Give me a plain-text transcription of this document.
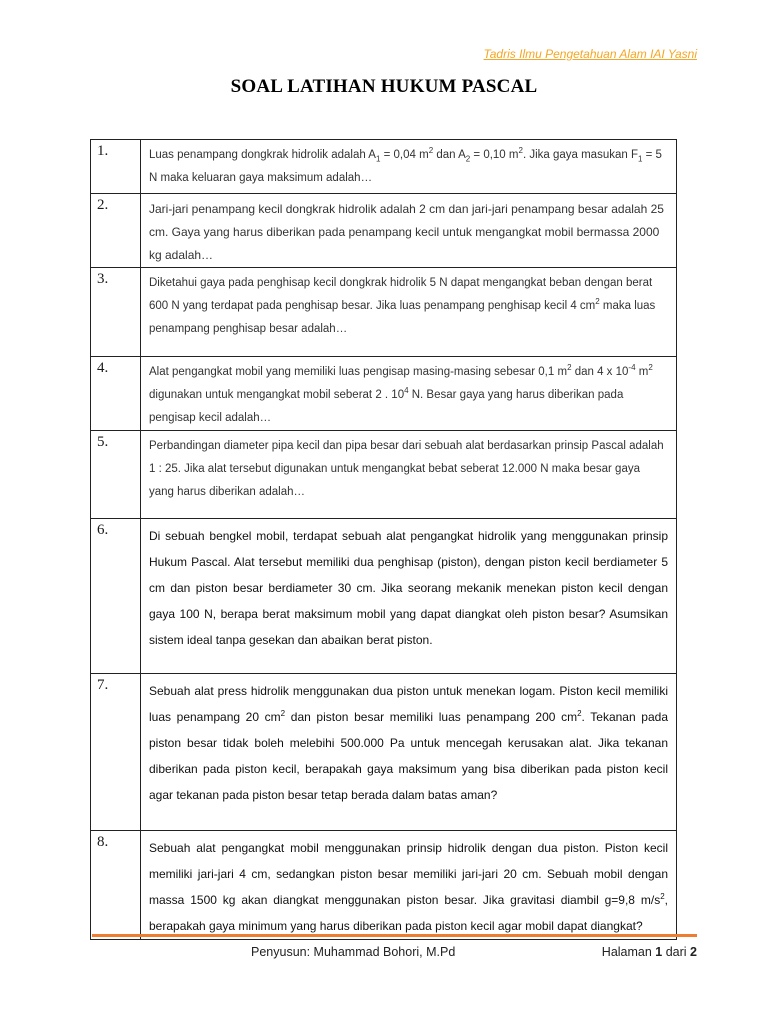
Tadris Ilmu Pengetahuan Alam IAI Yasni
SOAL LATIHAN HUKUM PASCAL
1.	Luas penampang dongkrak hidrolik adalah $A_1 = 0,04$ $m^2$ dan $A_2 = 0,10$ $m^2$. Jika gaya masukan $F_1 = 5$ N maka keluaran gaya maksimum adalah…
2.	Jari-jari penampang kecil dongkrak hidrolik adalah 2 cm dan jari-jari penampang besar adalah 25 cm. Gaya yang harus diberikan pada penampang kecil untuk mengangkat mobil bermassa 2000 kg adalah…
3.	Diketahui gaya pada penghisap kecil dongkrak hidrolik 5 N dapat mengangkat beban dengan berat 600 N yang terdapat pada penghisap besar. Jika luas penampang penghisap kecil 4 $cm^2$ maka luas penampang penghisap besar adalah…
4.	Alat pengangkat mobil yang memiliki luas pengisap masing-masing sebesar 0,1 $m^2$ dan 4 x $10^{-4}$ $m^2$ digunakan untuk mengangkat mobil seberat 2 . $10^4$ N. Besar gaya yang harus diberikan pada pengisap kecil adalah…
5.	Perbandingan diameter pipa kecil dan pipa besar dari sebuah alat berdasarkan prinsip Pascal adalah 1 : 25. Jika alat tersebut digunakan untuk mengangkat bebat seberat 12.000 N maka besar gaya yang harus diberikan adalah…
6.	Di sebuah bengkel mobil, terdapat sebuah alat pengangkat hidrolik yang menggunakan prinsip Hukum Pascal. Alat tersebut memiliki dua penghisap (piston), dengan piston kecil berdiameter 5 cm dan piston besar berdiameter 30 cm. Jika seorang mekanik menekan piston kecil dengan gaya 100 N, berapa berat maksimum mobil yang dapat diangkat oleh piston besar? Asumsikan sistem ideal tanpa gesekan dan abaikan berat piston.
7.	Sebuah alat press hidrolik menggunakan dua piston untuk menekan logam. Piston kecil memiliki luas penampang 20 $cm^2$ dan piston besar memiliki luas penampang 200 $cm^2$. Tekanan pada piston besar tidak boleh melebihi 500.000 Pa untuk mencegah kerusakan alat. Jika tekanan diberikan pada piston kecil, berapakah gaya maksimum yang bisa diberikan pada piston kecil agar tekanan pada piston besar tetap berada dalam batas aman?
8.	Sebuah alat pengangkat mobil menggunakan prinsip hidrolik dengan dua piston. Piston kecil memiliki jari-jari 4 cm, sedangkan piston besar memiliki jari-jari 20 cm. Sebuah mobil dengan massa 1500 kg akan diangkat menggunakan piston besar. Jika gravitasi diambil g=9,8 $m/s^2$, berapakah gaya minimum yang harus diberikan pada piston kecil agar mobil dapat diangkat?
Penyusun: Muhammad Bohori, M.Pd	Halaman 1 dari 2
